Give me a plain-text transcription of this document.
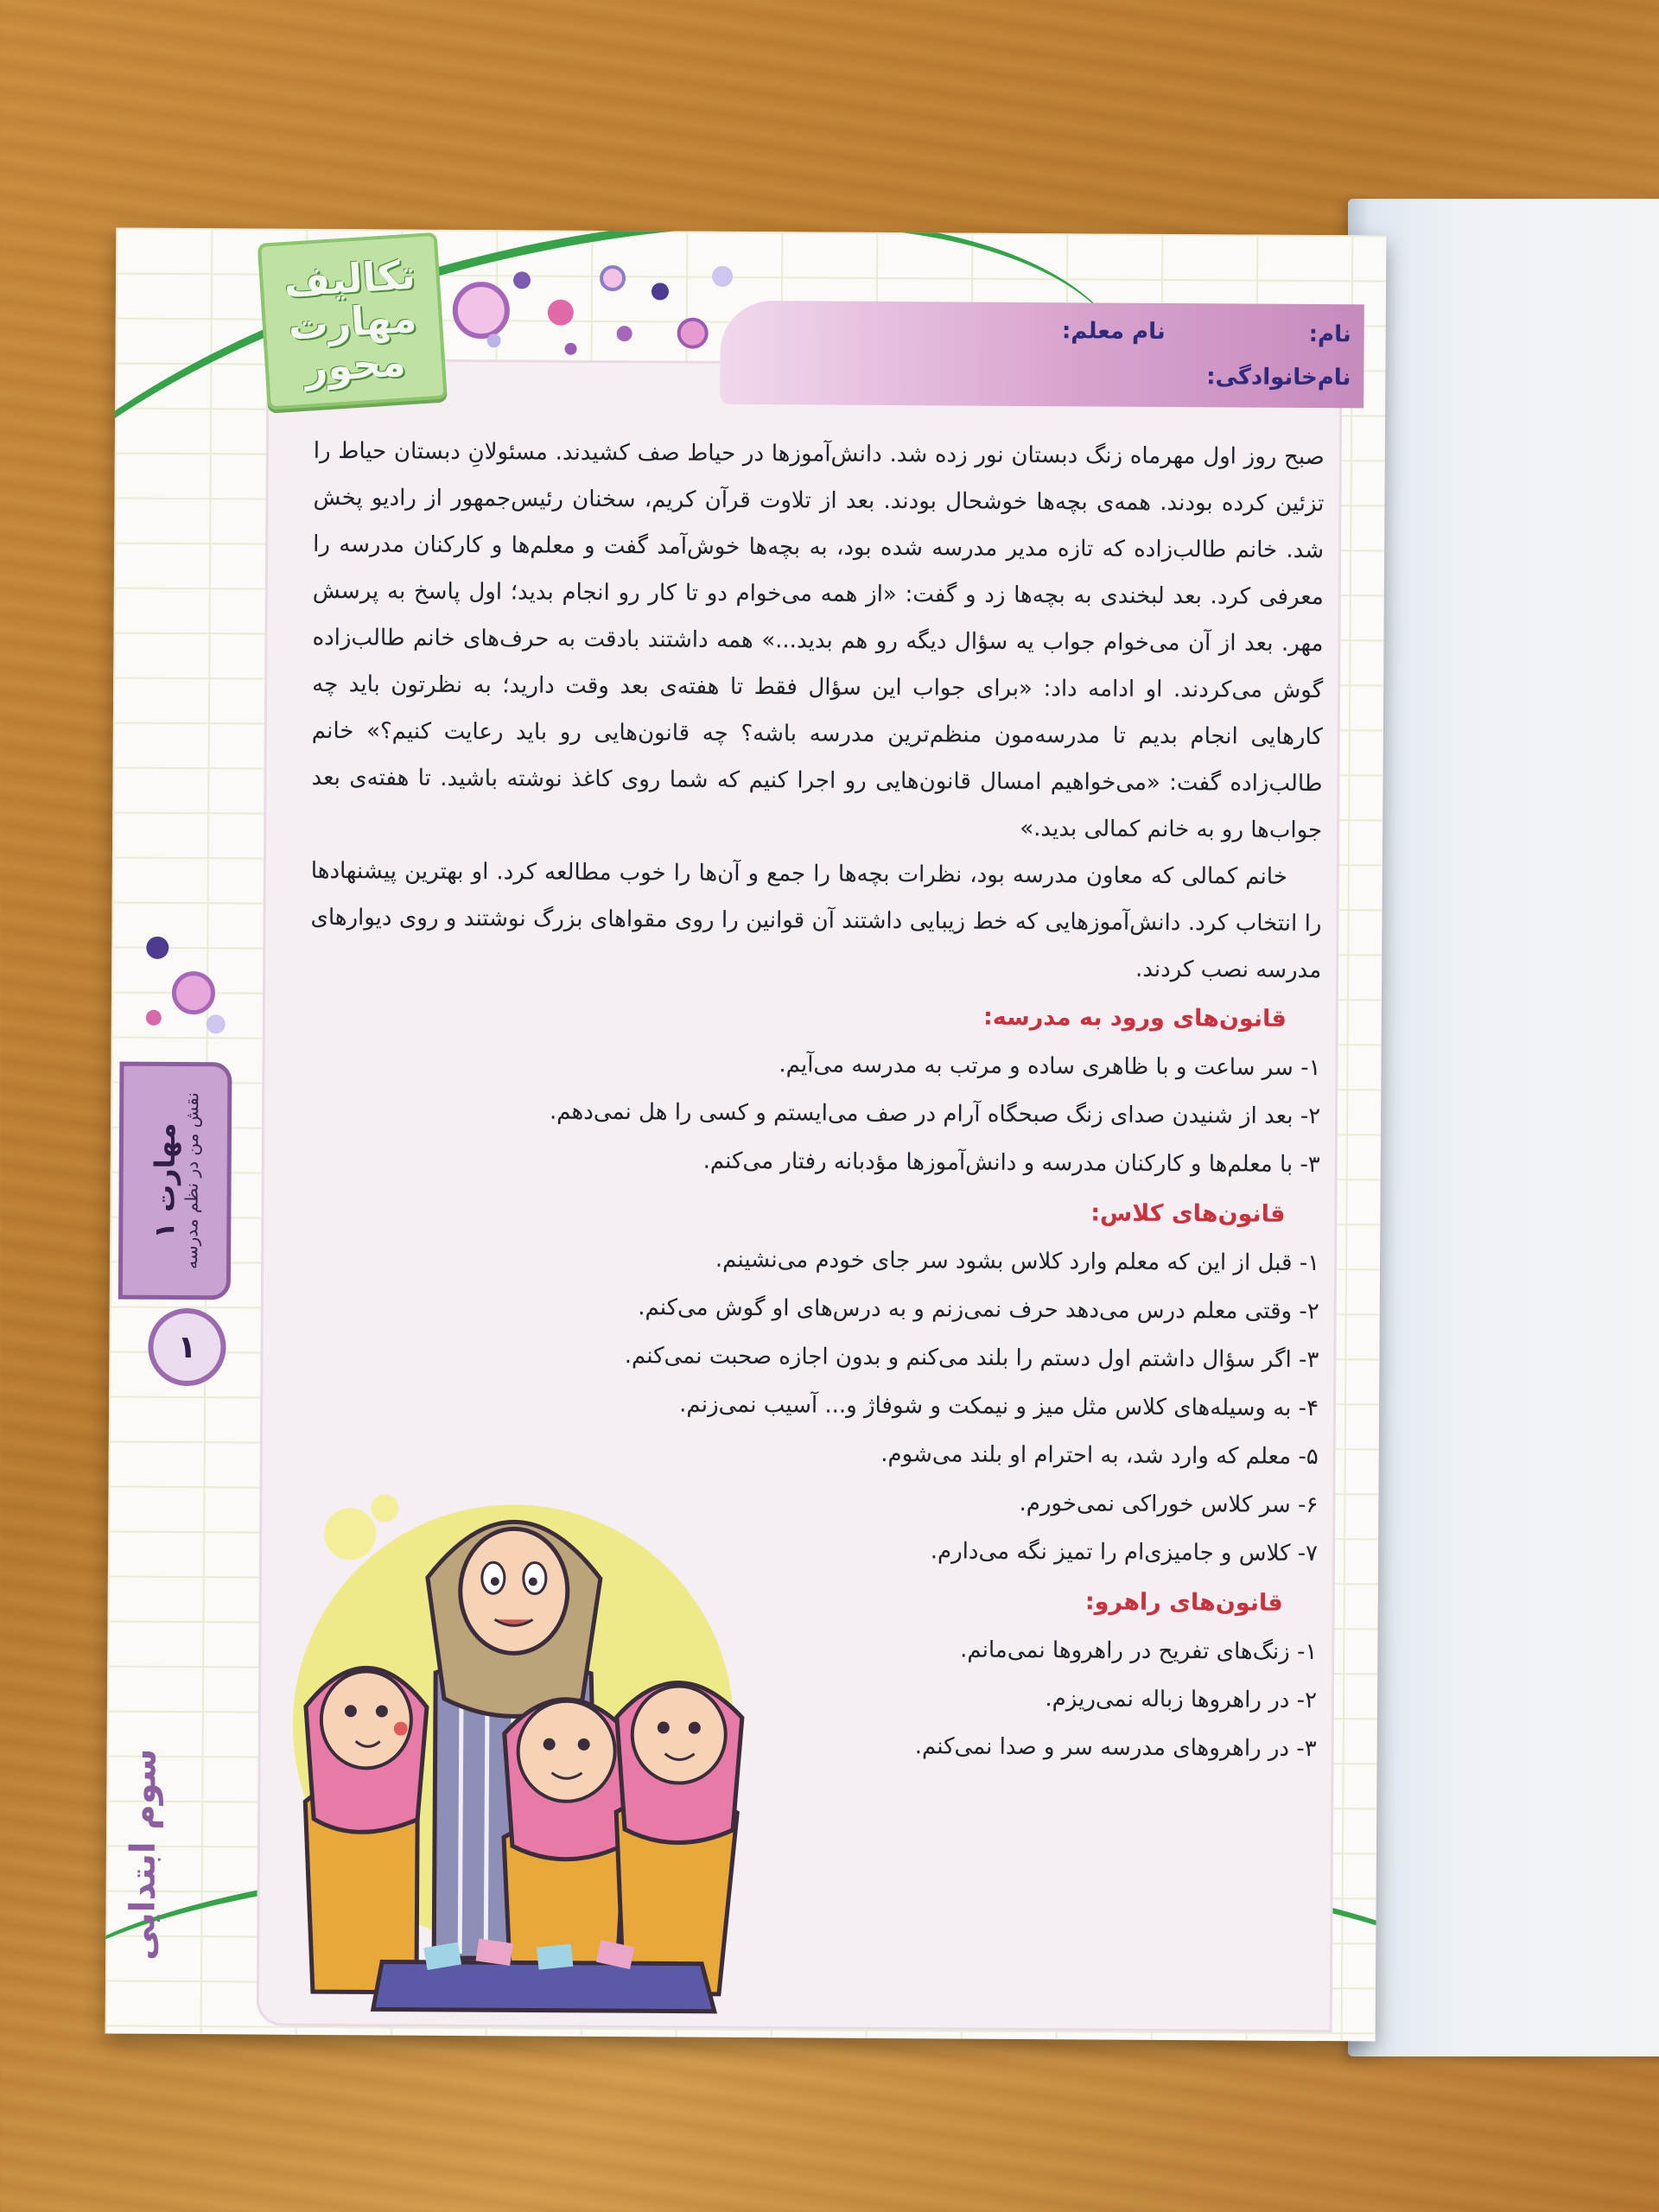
نام:
نام معلم:
نام‌خانوادگی:
تکالیف
مهارت
محور
مهارت ۱
نقش من در نظم مدرسه
۱
سوم ابتدایی

صبح روز اول مهرماه زنگ دبستان نور زده شد. دانش‌آموزها در حیاط صف کشیدند. مسئولانِ دبستان حیاط را تزئین کرده بودند. همه‌ی بچه‌ها خوشحال بودند. بعد از تلاوت قرآن کریم، سخنان رئیس‌جمهور از رادیو پخش شد. خانم طالب‌زاده که تازه مدیر مدرسه شده بود، به بچه‌ها خوش‌آمد گفت و معلم‌ها و کارکنان مدرسه را معرفی کرد. بعد لبخندی به بچه‌ها زد و گفت: «از همه می‌خوام دو تا کار رو انجام بدید؛ اول پاسخ به پرسش مهر. بعد از آن می‌خوام جواب یه سؤال دیگه رو هم بدید...» همه داشتند بادقت به حرف‌های خانم طالب‌زاده گوش می‌کردند. او ادامه داد: «برای جواب این سؤال فقط تا هفته‌ی بعد وقت دارید؛ به نظرتون باید چه کارهایی انجام بدیم تا مدرسه‌مون منظم‌ترین مدرسه باشه؟ چه قانون‌هایی رو باید رعایت کنیم؟» خانم طالب‌زاده گفت: «می‌خواهیم امسال قانون‌هایی رو اجرا کنیم که شما روی کاغذ نوشته باشید. تا هفته‌ی بعد جواب‌ها رو به خانم کمالی بدید.»

خانم کمالی که معاون مدرسه بود، نظرات بچه‌ها را جمع و آن‌ها را خوب مطالعه کرد. او بهترین پیشنهادها را انتخاب کرد. دانش‌آموزهایی که خط زیبایی داشتند آن قوانین را روی مقواهای بزرگ نوشتند و روی دیوارهای مدرسه نصب کردند.

قانون‌های ورود به مدرسه:

۱- سر ساعت و با ظاهری ساده و مرتب به مدرسه می‌آیم.

۲- بعد از شنیدن صدای زنگ صبحگاه آرام در صف می‌ایستم و کسی را هل نمی‌دهم.

۳- با معلم‌ها و کارکنان مدرسه و دانش‌آموزها مؤدبانه رفتار می‌کنم.

قانون‌های کلاس:

۱- قبل از این که معلم وارد کلاس بشود سر جای خودم می‌نشینم.

۲- وقتی معلم درس می‌دهد حرف نمی‌زنم و به درس‌های او گوش می‌کنم.

۳- اگر سؤال داشتم اول دستم را بلند می‌کنم و بدون اجازه صحبت نمی‌کنم.

۴- به وسیله‌های کلاس مثل میز و نیمکت و شوفاژ و... آسیب نمی‌زنم.

۵- معلم که وارد شد، به احترام او بلند می‌شوم.

۶- سر کلاس خوراکی نمی‌خورم.

۷- کلاس و جامیزی‌ام را تمیز نگه می‌دارم.

قانون‌های راهرو:

۱- زنگ‌های تفریح در راهروها نمی‌مانم.

۲- در راهروها زباله نمی‌ریزم.

۳- در راهروهای مدرسه سر و صدا نمی‌کنم.
